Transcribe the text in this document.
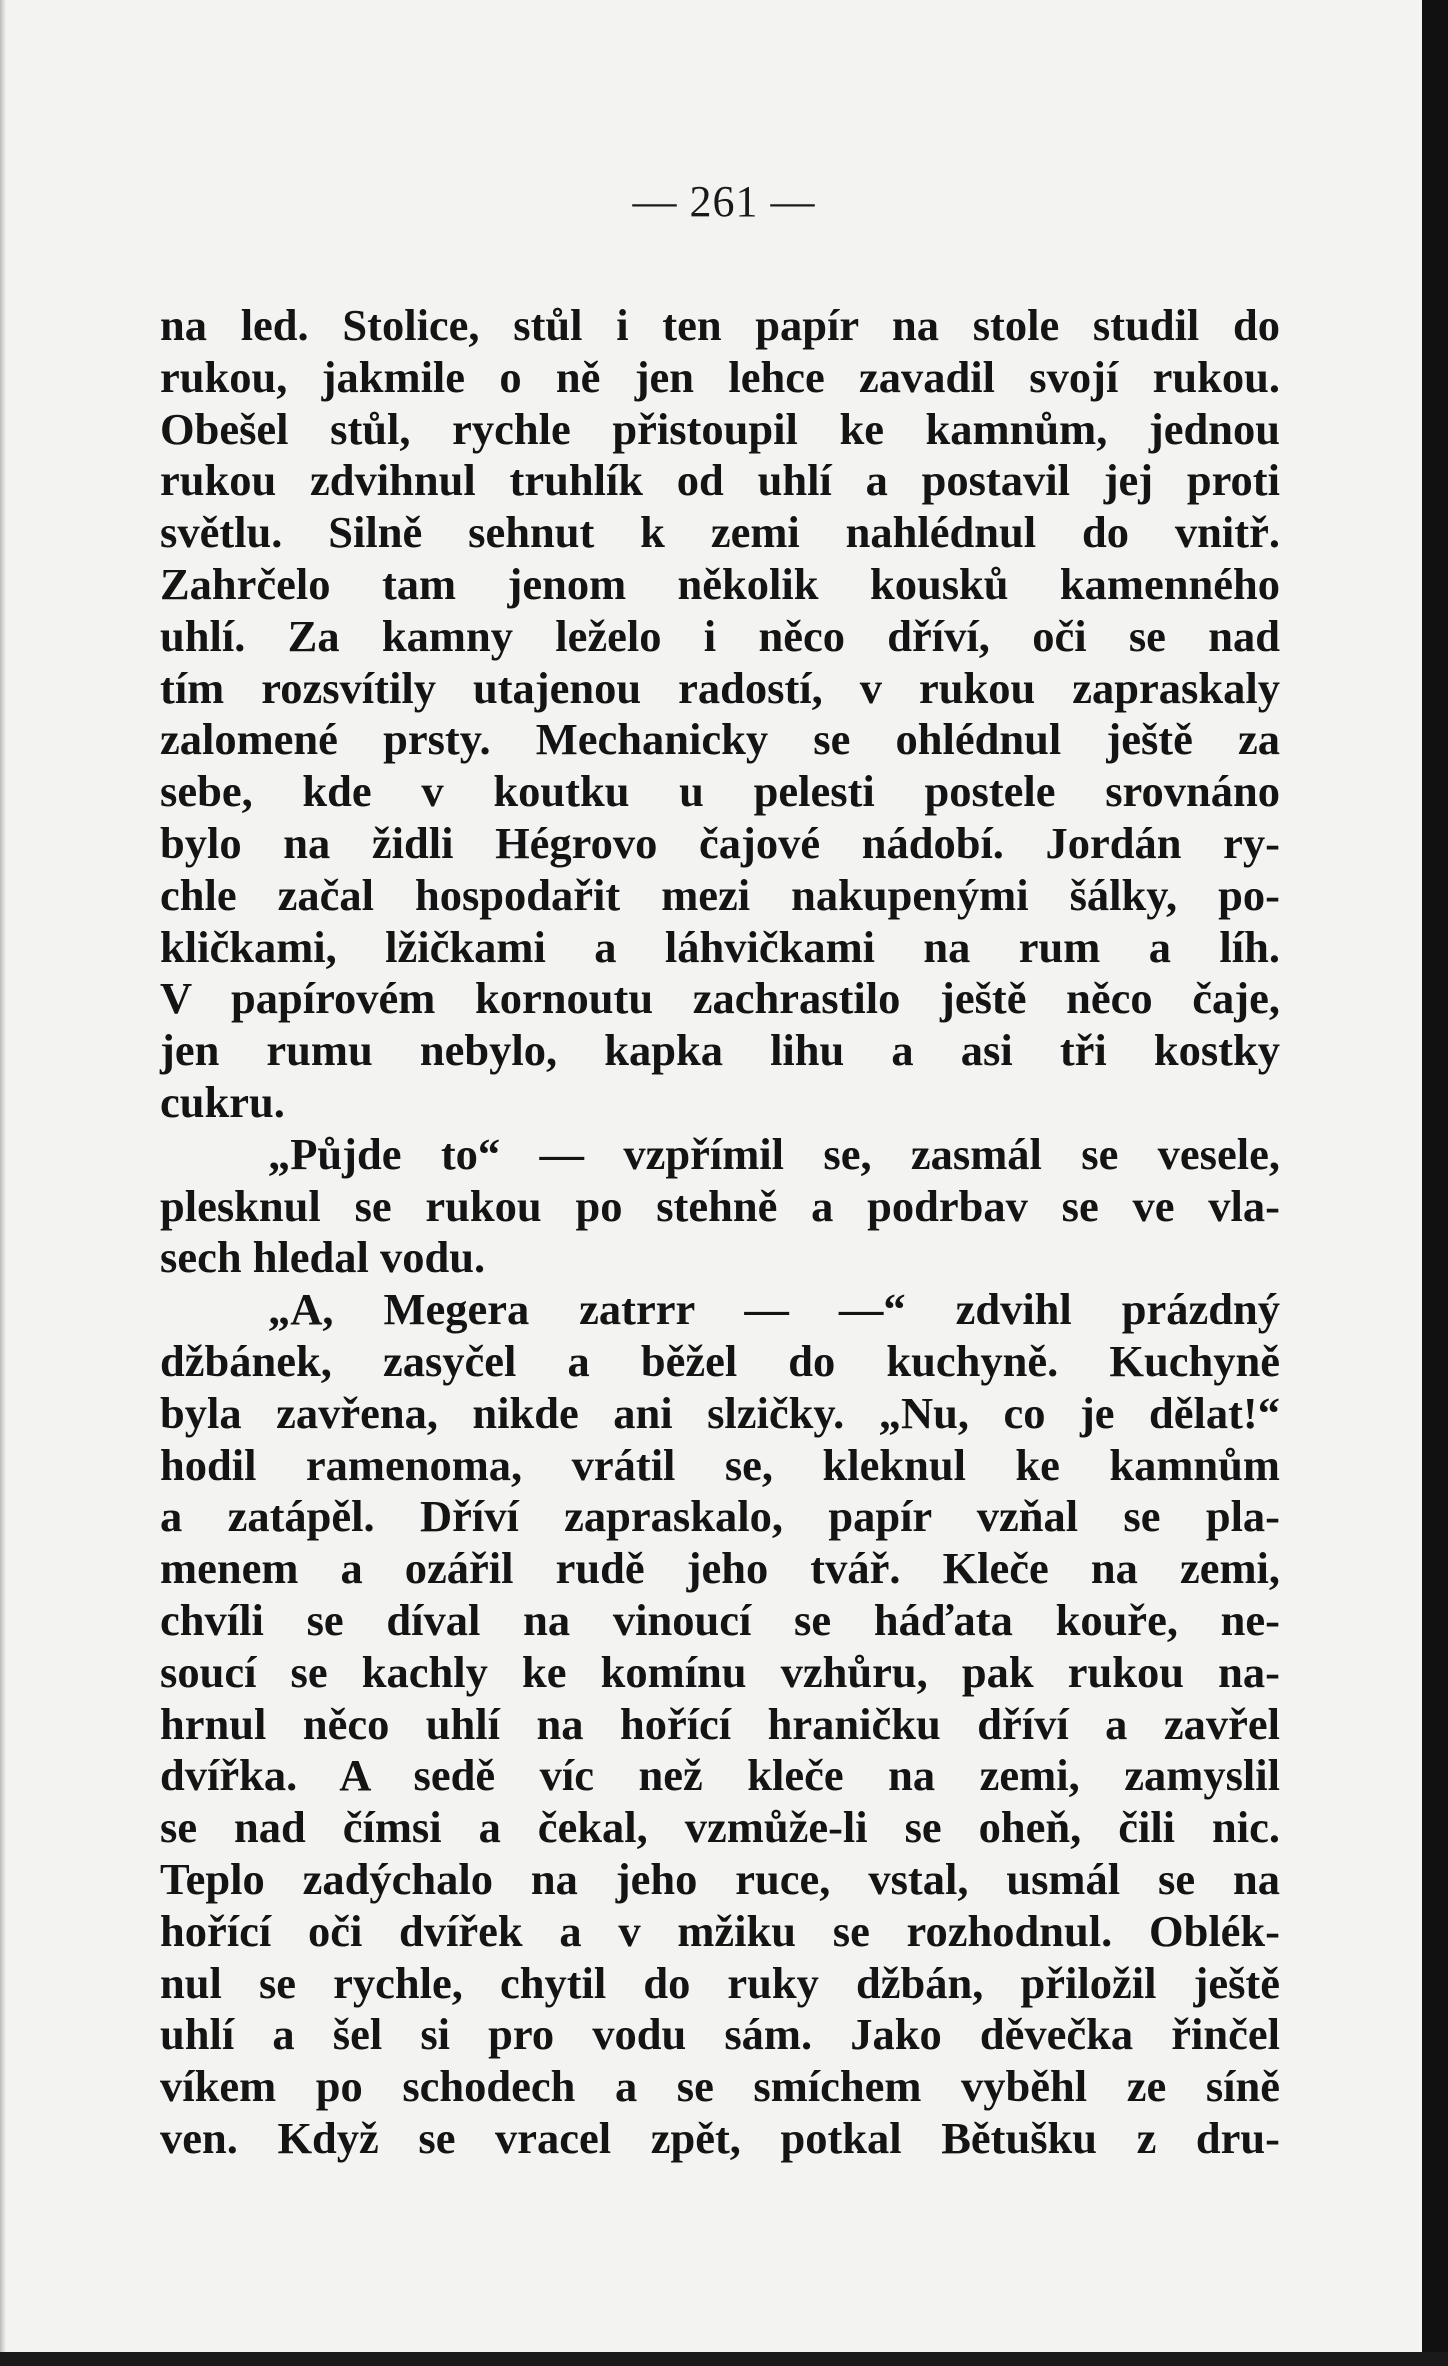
— 261 —
na led. Stolice, stůl i ten papír na stole studil do
rukou, jakmile o ně jen lehce zavadil svojí rukou.
Obešel stůl, rychle přistoupil ke kamnům, jednou
rukou zdvihnul truhlík od uhlí a postavil jej proti
světlu. Silně sehnut k zemi nahlédnul do vnitř.
Zahrčelo tam jenom několik kousků kamenného
uhlí. Za kamny leželo i něco dříví, oči se nad
tím rozsvítily utajenou radostí, v rukou zapraskaly
zalomené prsty. Mechanicky se ohlédnul ještě za
sebe, kde v koutku u pelesti postele srovnáno
bylo na židli Hégrovo čajové nádobí. Jordán ry-
chle začal hospodařit mezi nakupenými šálky, po-
kličkami, lžičkami a láhvičkami na rum a líh.
V papírovém kornoutu zachrastilo ještě něco čaje,
jen rumu nebylo, kapka lihu a asi tři kostky
cukru.
„Půjde to“ — vzpřímil se, zasmál se vesele,
plesknul se rukou po stehně a podrbav se ve vla-
sech hledal vodu.
„A, Megera zatrrr — —“ zdvihl prázdný
džbánek, zasyčel a běžel do kuchyně. Kuchyně
byla zavřena, nikde ani slzičky. „Nu, co je dělat!“
hodil ramenoma, vrátil se, kleknul ke kamnům
a zatápěl. Dříví zapraskalo, papír vzňal se pla-
menem a ozářil rudě jeho tvář. Kleče na zemi,
chvíli se díval na vinoucí se háďata kouře, ne-
soucí se kachly ke komínu vzhůru, pak rukou na-
hrnul něco uhlí na hořící hraničku dříví a zavřel
dvířka. A sedě víc než kleče na zemi, zamyslil
se nad čímsi a čekal, vzmůže-li se oheň, čili nic.
Teplo zadýchalo na jeho ruce, vstal, usmál se na
hořící oči dvířek a v mžiku se rozhodnul. Oblék-
nul se rychle, chytil do ruky džbán, přiložil ještě
uhlí a šel si pro vodu sám. Jako děvečka řinčel
víkem po schodech a se smíchem vyběhl ze síně
ven. Když se vracel zpět, potkal Bětušku z dru-
